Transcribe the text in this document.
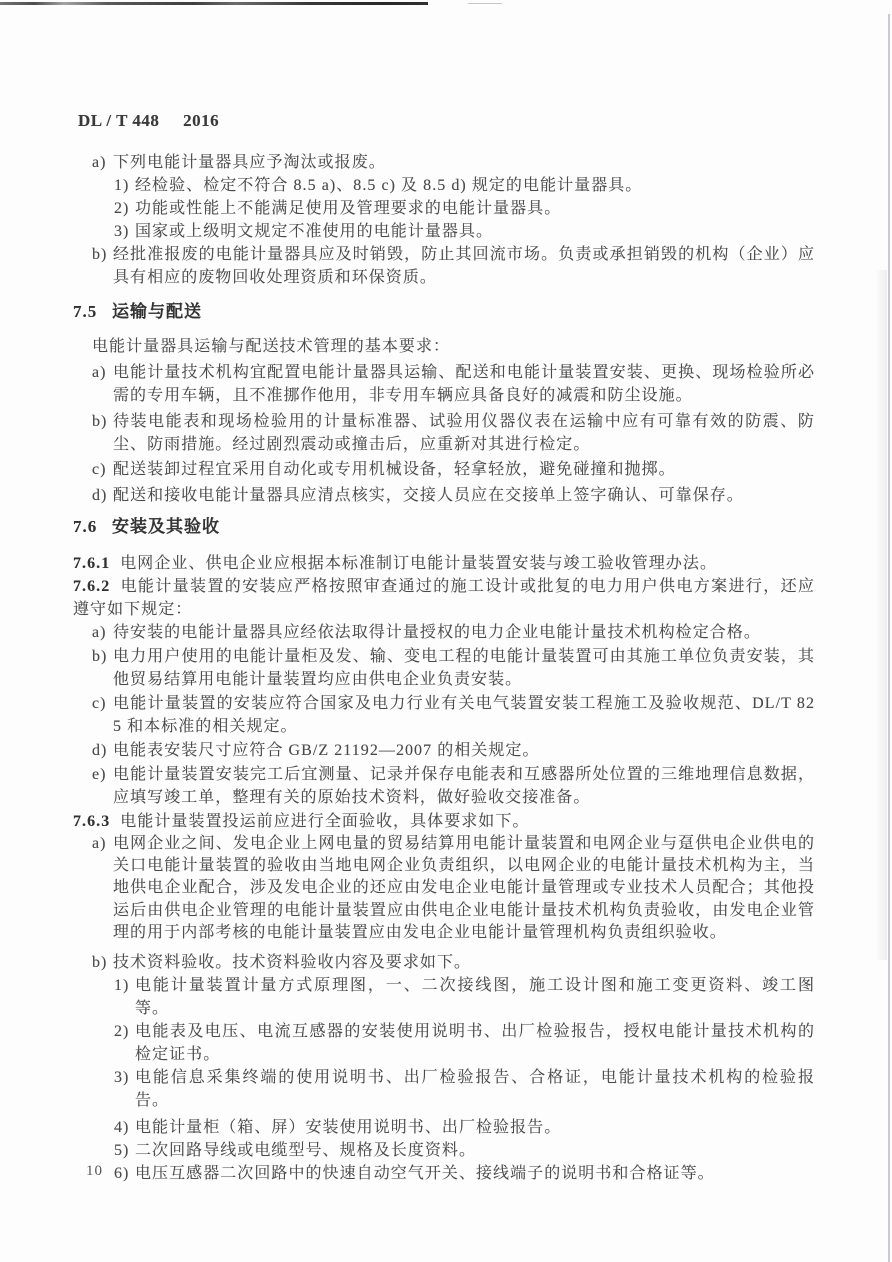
DL / T 448     2016
a) 下列电能计量器具应予淘汰或报废。
1) 经检验、检定不符合 8.5 a)、8.5 c) 及 8.5 d) 规定的电能计量器具。
2) 功能或性能上不能满足使用及管理要求的电能计量器具。
3) 国家或上级明文规定不准使用的电能计量器具。
b) 经批准报废的电能计量器具应及时销毁，防止其回流市场。负责或承担销毁的机构（企业）应具有相应的废物回收处理资质和环保资质。
7.5 运输与配送
电能计量器具运输与配送技术管理的基本要求：
a) 电能计量技术机构宜配置电能计量器具运输、配送和电能计量装置安装、更换、现场检验所必需的专用车辆，且不准挪作他用，非专用车辆应具备良好的减震和防尘设施。
b) 待装电能表和现场检验用的计量标准器、试验用仪器仪表在运输中应有可靠有效的防震、防尘、防雨措施。经过剧烈震动或撞击后，应重新对其进行检定。
c) 配送装卸过程宜采用自动化或专用机械设备，轻拿轻放，避免碰撞和抛掷。
d) 配送和接收电能计量器具应清点核实，交接人员应在交接单上签字确认、可靠保存。
7.6 安装及其验收
7.6.1 电网企业、供电企业应根据本标准制订电能计量装置安装与竣工验收管理办法。
7.6.2 电能计量装置的安装应严格按照审查通过的施工设计或批复的电力用户供电方案进行，还应遵守如下规定：
a) 待安装的电能计量器具应经依法取得计量授权的电力企业电能计量技术机构检定合格。
b) 电力用户使用的电能计量柜及发、输、变电工程的电能计量装置可由其施工单位负责安装，其他贸易结算用电能计量装置均应由供电企业负责安装。
c) 电能计量装置的安装应符合国家及电力行业有关电气装置安装工程施工及验收规范、DL/T 825 和本标准的相关规定。
d) 电能表安装尺寸应符合 GB/Z 21192—2007 的相关规定。
e) 电能计量装置安装完工后宜测量、记录并保存电能表和互感器所处位置的三维地理信息数据，应填写竣工单，整理有关的原始技术资料，做好验收交接准备。
7.6.3 电能计量装置投运前应进行全面验收，具体要求如下。
a) 电网企业之间、发电企业上网电量的贸易结算用电能计量装置和电网企业与趸供电企业供电的关口电能计量装置的验收由当地电网企业负责组织，以电网企业的电能计量技术机构为主，当地供电企业配合，涉及发电企业的还应由发电企业电能计量管理或专业技术人员配合；其他投运后由供电企业管理的电能计量装置应由供电企业电能计量技术机构负责验收，由发电企业管理的用于内部考核的电能计量装置应由发电企业电能计量管理机构负责组织验收。
b) 技术资料验收。技术资料验收内容及要求如下。
1) 电能计量装置计量方式原理图，一、二次接线图，施工设计图和施工变更资料、竣工图等。
2) 电能表及电压、电流互感器的安装使用说明书、出厂检验报告，授权电能计量技术机构的检定证书。
3) 电能信息采集终端的使用说明书、出厂检验报告、合格证，电能计量技术机构的检验报告。
4) 电能计量柜（箱、屏）安装使用说明书、出厂检验报告。
5) 二次回路导线或电缆型号、规格及长度资料。
6) 电压互感器二次回路中的快速自动空气开关、接线端子的说明书和合格证等。
10
